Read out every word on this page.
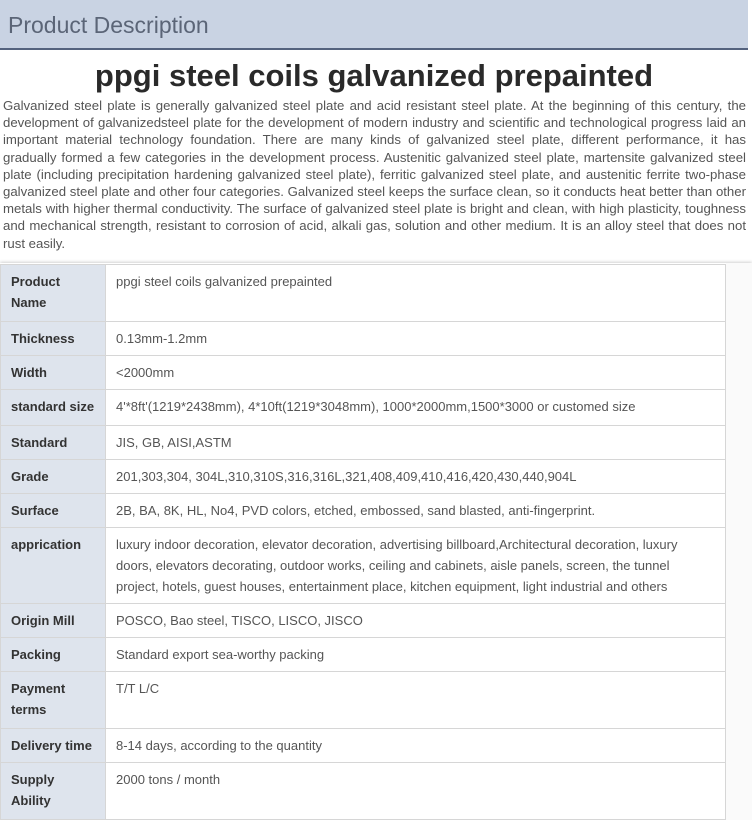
Product Description
ppgi steel coils galvanized prepainted
Galvanized steel plate is generally galvanized steel plate and acid resistant steel plate. At the beginning of this century, the development of galvanizedsteel plate for the development of modern industry and scientific and technological progress laid an important material technology foundation. There are many kinds of galvanized steel plate, different performance, it has gradually formed a few categories in the development process. Austenitic galvanized steel plate, martensite galvanized steel plate (including precipitation hardening galvanized steel plate), ferritic galvanized steel plate, and austenitic ferrite two-phase galvanized steel plate and other four categories. Galvanized steel keeps the surface clean, so it conducts heat better than other metals with higher thermal conductivity. The surface of galvanized steel plate is bright and clean, with high plasticity, toughness and mechanical strength, resistant to corrosion of acid, alkali gas, solution and other medium. It is an alloy steel that does not rust easily.
Product Name	ppgi steel coils galvanized prepainted
Thickness	0.13mm-1.2mm
Width	<2000mm
standard size	4'*8ft'(1219*2438mm), 4*10ft(1219*3048mm), 1000*2000mm,1500*3000 or customed size
Standard	JIS, GB, AISI,ASTM
Grade	201,303,304, 304L,310,310S,316,316L,321,408,409,410,416,420,430,440,904L
Surface	2B, BA, 8K, HL, No4, PVD colors, etched, embossed, sand blasted, anti-fingerprint.
apprication	luxury indoor decoration, elevator decoration, advertising billboard,Architectural decoration, luxury doors, elevators decorating, outdoor works, ceiling and cabinets, aisle panels, screen, the tunnel project, hotels, guest houses, entertainment place, kitchen equipment, light industrial and others
Origin Mill	POSCO, Bao steel, TISCO, LISCO, JISCO
Packing	Standard export sea-worthy packing
Payment terms	T/T L/C
Delivery time	8-14 days, according to the quantity
Supply Ability	2000 tons / month
